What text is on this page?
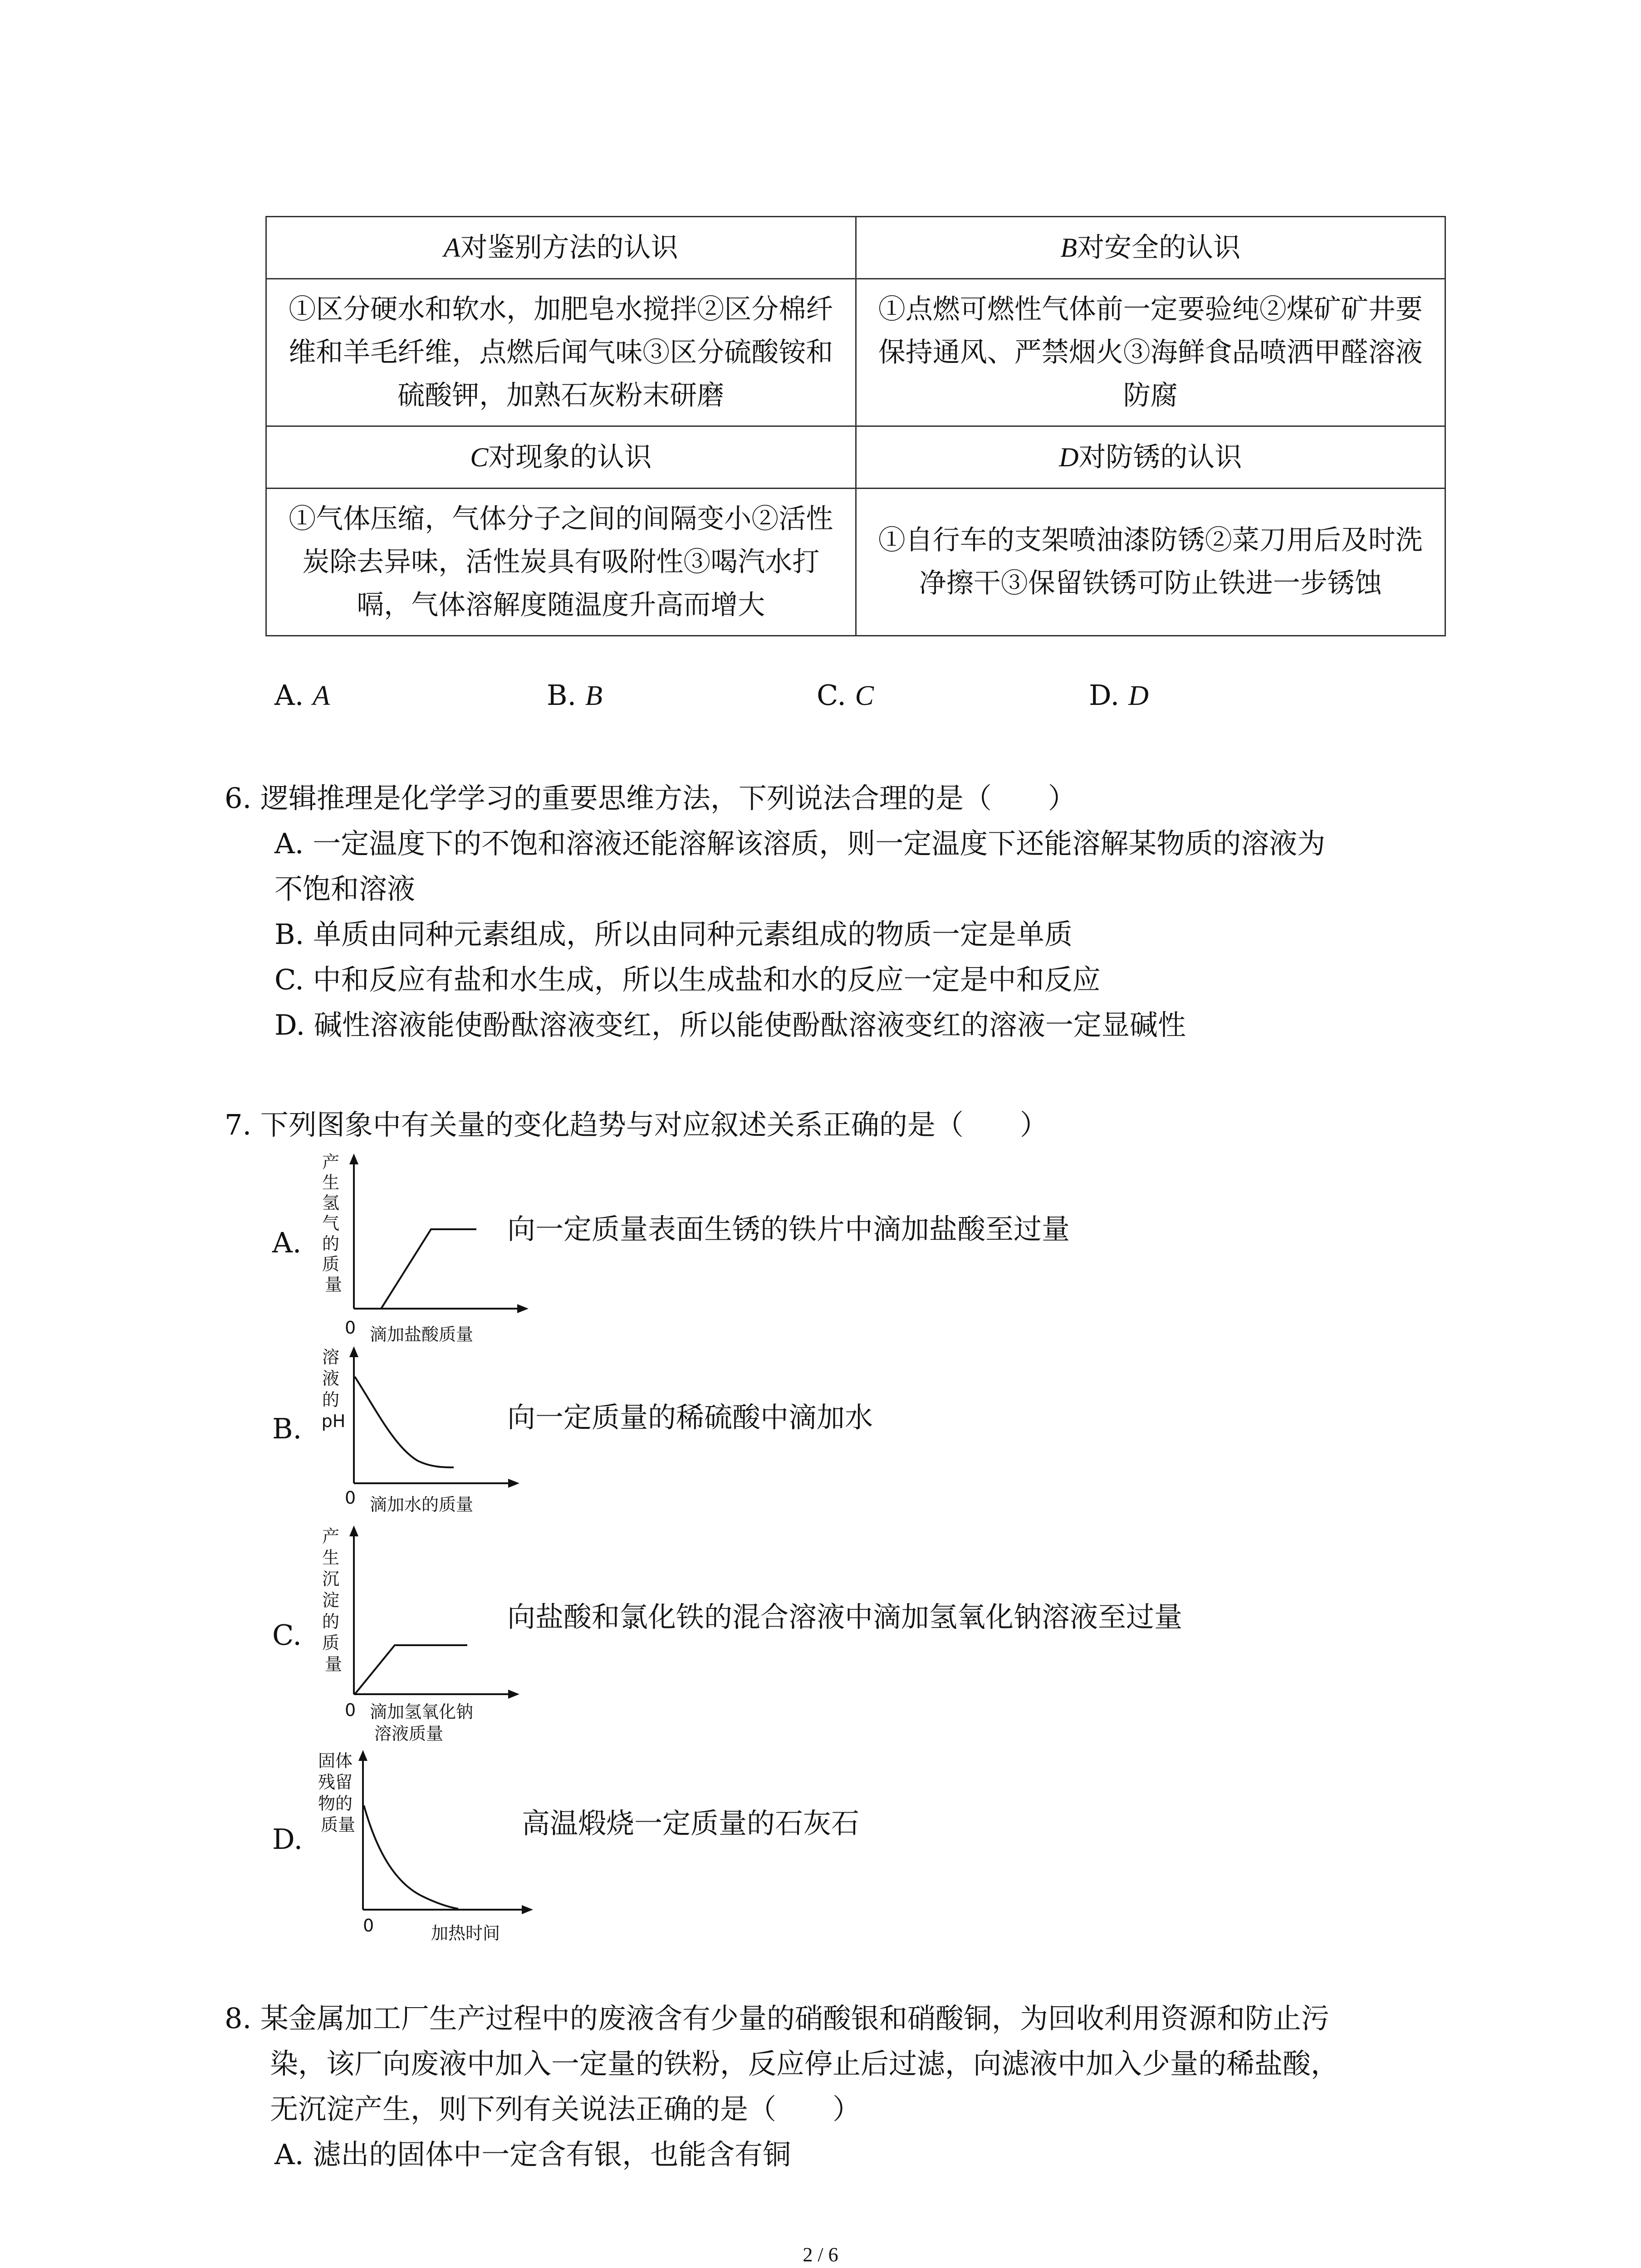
A对鉴别方法的认识	B对安全的认识
①区分硬水和软水，加肥皂水搅拌②区分棉纤维和羊毛纤维，点燃后闻气味③区分硫酸铵和硫酸钾，加熟石灰粉末研磨	①点燃可燃性气体前一定要验纯②煤矿矿井要保持通风、严禁烟火③海鲜食品喷洒甲醛溶液防腐
C对现象的认识	D对防锈的认识
①气体压缩，气体分子之间的间隔变小②活性炭除去异味，活性炭具有吸附性③喝汽水打嗝，气体溶解度随温度升高而增大	①自行车的支架喷油漆防锈②菜刀用后及时洗净擦干③保留铁锈可防止铁进一步锈蚀
A. A	B. B	C. C	D. D
6. 逻辑推理是化学学习的重要思维方法，下列说法合理的是（　　）
A. 一定温度下的不饱和溶液还能溶解该溶质，则一定温度下还能溶解某物质的溶液为
不饱和溶液
B. 单质由同种元素组成，所以由同种元素组成的物质一定是单质
C. 中和反应有盐和水生成，所以生成盐和水的反应一定是中和反应
D. 碱性溶液能使酚酞溶液变红，所以能使酚酞溶液变红的溶液一定显碱性
7. 下列图象中有关量的变化趋势与对应叙述关系正确的是（　　）
A.
产 生 氢 气 的 质 量
0 滴加盐酸质量
向一定质量表面生锈的铁片中滴加盐酸至过量
B.
溶 液 的 pH
0 滴加水的质量
向一定质量的稀硫酸中滴加水
C.
产 生 沉 淀 的 质 量
0 滴加氢氧化钠 溶液质量
向盐酸和氯化铁的混合溶液中滴加氢氧化钠溶液至过量
D.
固体 残留 物的 质量
0	加热时间
高温煅烧一定质量的石灰石
8. 某金属加工厂生产过程中的废液含有少量的硝酸银和硝酸铜，为回收利用资源和防止污
染，该厂向废液中加入一定量的铁粉，反应停止后过滤，向滤液中加入少量的稀盐酸，
无沉淀产生，则下列有关说法正确的是（　　）
A. 滤出的固体中一定含有银，也能含有铜
2 / 6
